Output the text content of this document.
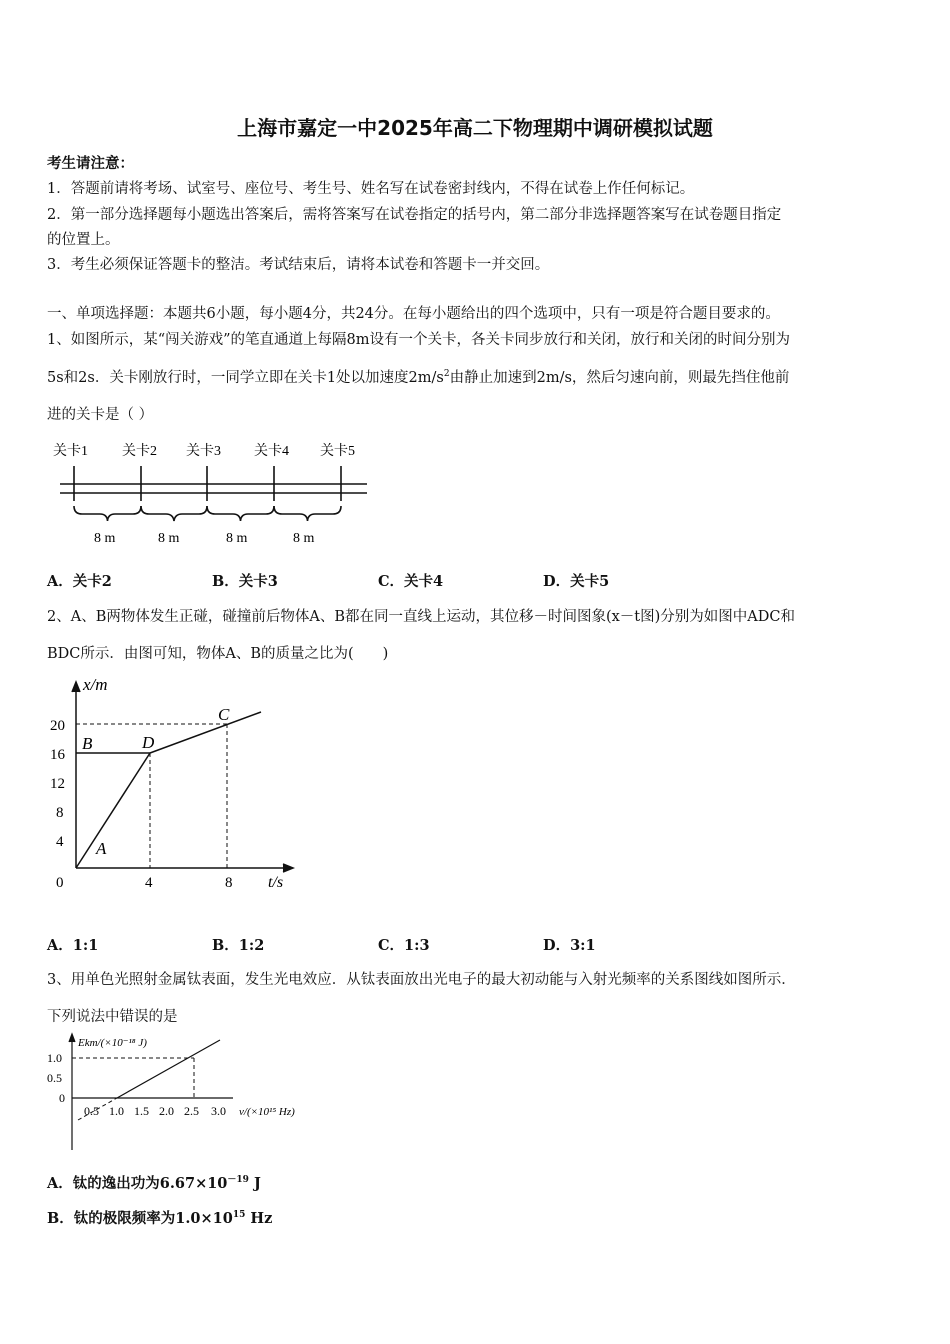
上海市嘉定一中2025年高二下物理期中调研模拟试题
考生请注意：
1．答题前请将考场、试室号、座位号、考生号、姓名写在试卷密封线内，不得在试卷上作任何标记。
2．第一部分选择题每小题选出答案后，需将答案写在试卷指定的括号内，第二部分非选择题答案写在试卷题目指定
的位置上。
3．考生必须保证答题卡的整洁。考试结束后，请将本试卷和答题卡一并交回。
一、单项选择题：本题共6小题，每小题4分，共24分。在每小题给出的四个选项中，只有一项是符合题目要求的。
1、如图所示，某“闯关游戏”的笔直通道上每隔8m设有一个关卡，各关卡同步放行和关闭，放行和关闭的时间分别为
5s和2s．关卡刚放行时，一同学立即在关卡1处以加速度$2m/s^2$由静止加速到2m/s，然后匀速向前，则最先挡住他前
进的关卡是（ ）
关卡1 关卡2 关卡3 关卡4 关卡5
8 m	8 m	8 m	8 m
A．关卡2	B．关卡3	C．关卡4	D．关卡5
2、A、B两物体发生正碰，碰撞前后物体A、B都在同一直线上运动，其位移－时间图象(x－t图)分别为如图中ADC和
BDC所示．由图可知，物体A、B的质量之比为(　　)
x/m
20
16
12
8
4
0	4	8 t/s
B	D
C
A
A．1:1	B．1:2	C．1:3	D．3:1
3、用单色光照射金属钛表面，发生光电效应．从钛表面放出光电子的最大初动能与入射光频率的关系图线如图所示．
下列说法中错误的是
Ekm/(×10⁻¹⁸ J)
1.0
0.5
0
0.5 1.0 1.5 2.0 2.5 3.0 ν/(×10¹⁵ Hz)
A．钛的逸出功为$6.67\times 10^{-19}$ J
B．钛的极限频率为$1.0\times 10^{15}$ Hz
